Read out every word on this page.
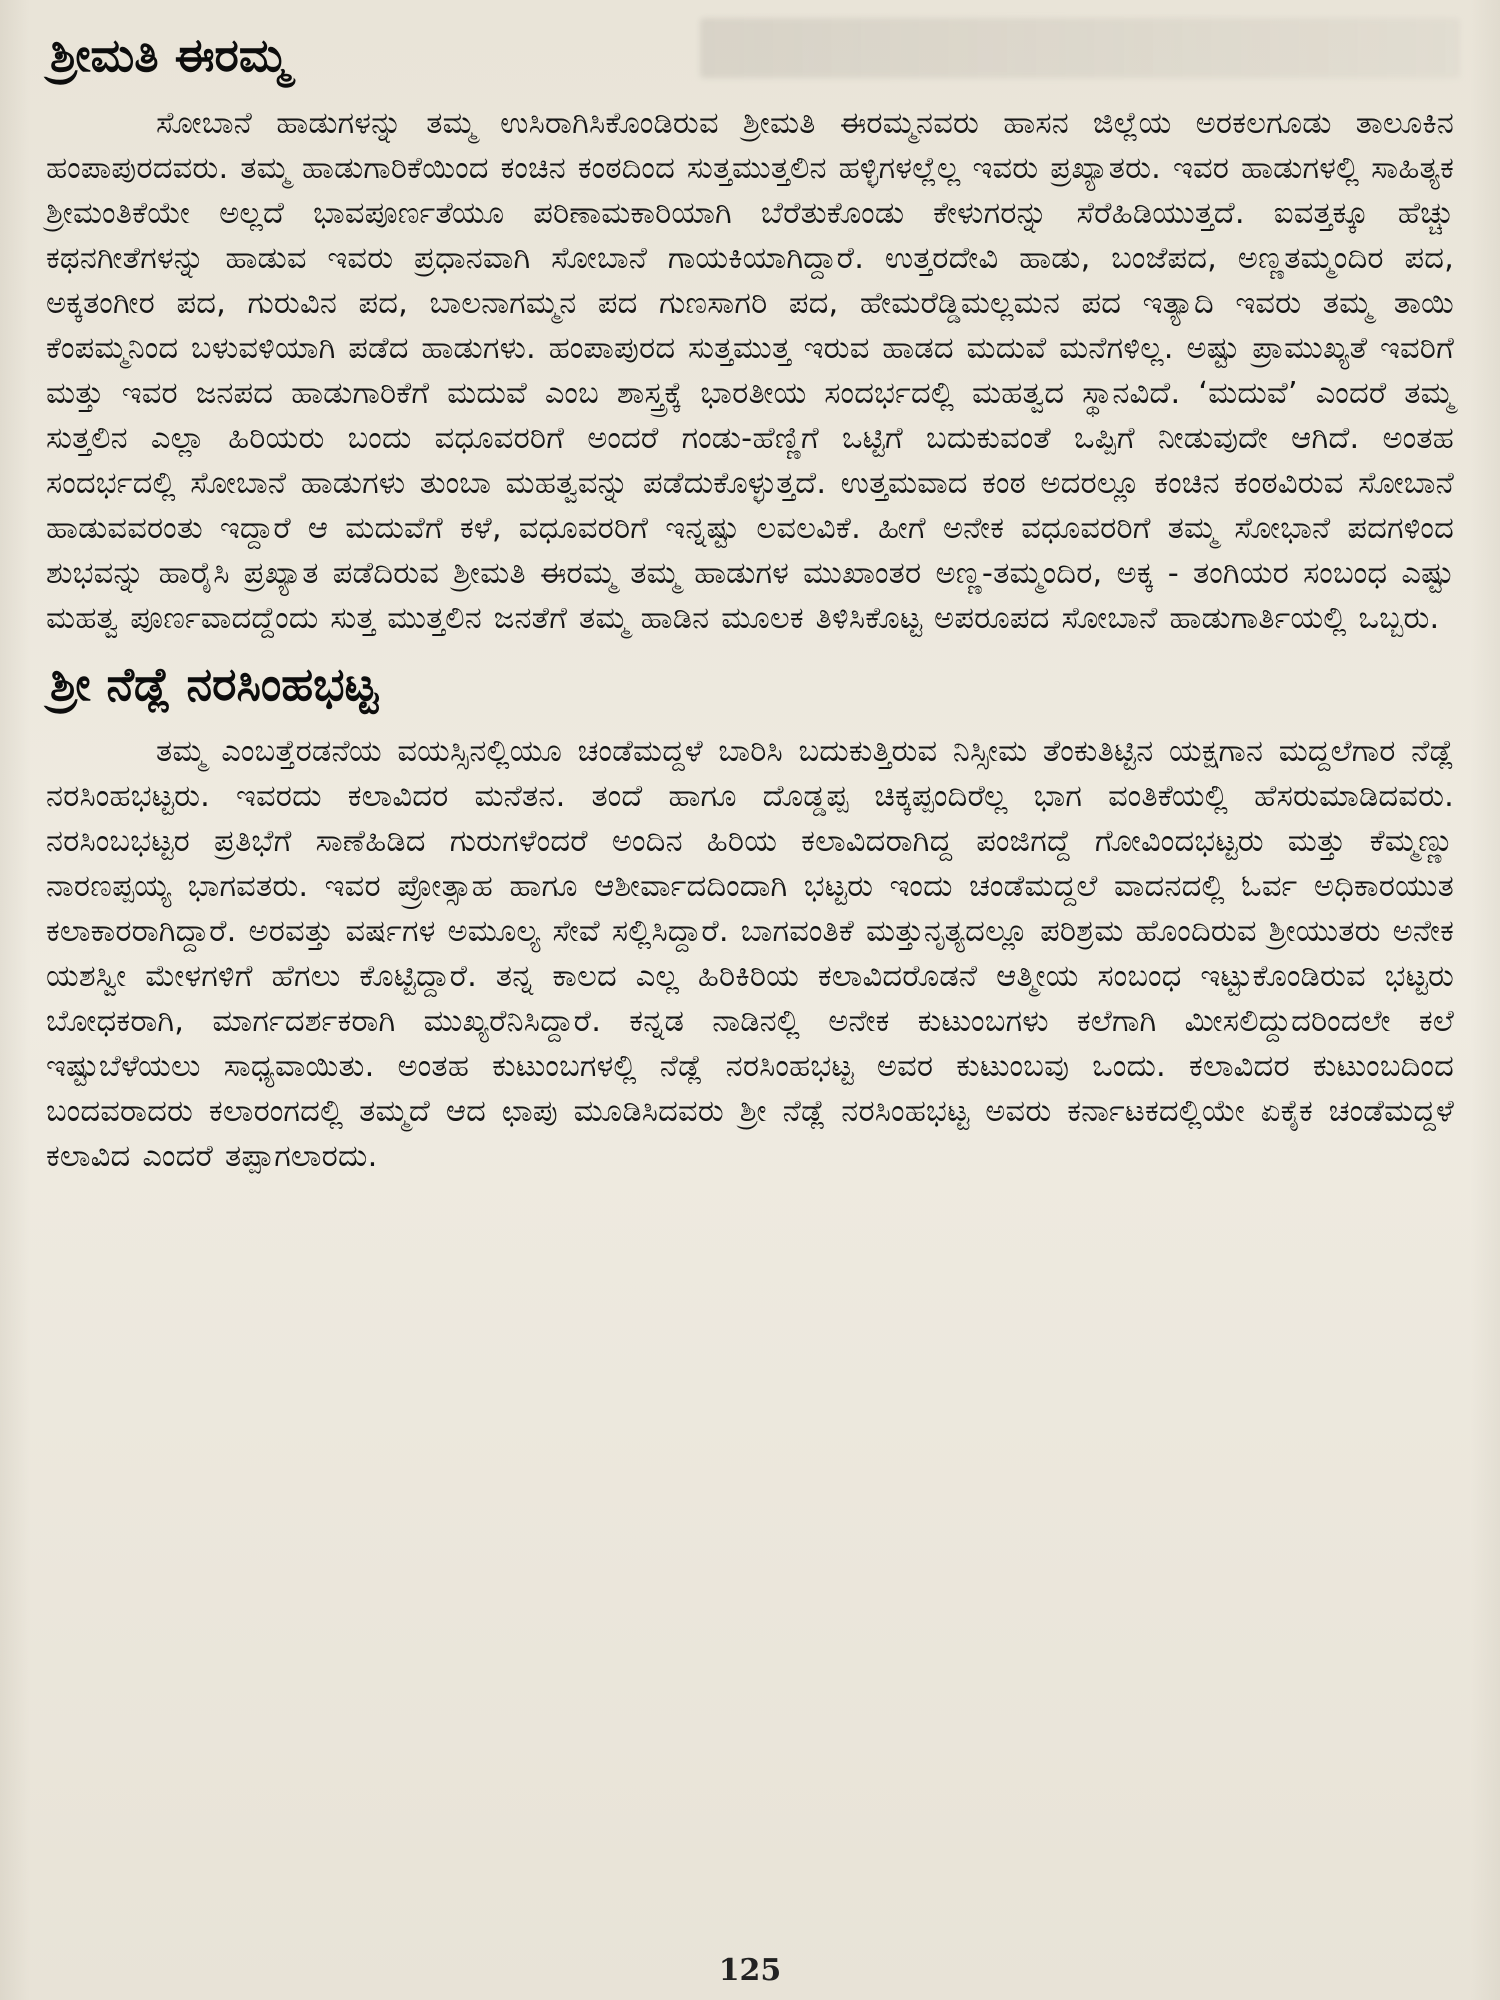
ಶ್ರೀಮತಿ ಈರಮ್ಮ

ಸೋಬಾನೆ ಹಾಡುಗಳನ್ನು ತಮ್ಮ ಉಸಿರಾಗಿಸಿಕೊಂಡಿರುವ ಶ್ರೀಮತಿ ಈರಮ್ಮನವರು ಹಾಸನ ಜಿಲ್ಲೆಯ ಅರಕಲಗೂಡು ತಾಲೂಕಿನ ಹಂಪಾಪುರದವರು. ತಮ್ಮ ಹಾಡುಗಾರಿಕೆಯಿಂದ ಕಂಚಿನ ಕಂಠದಿಂದ ಸುತ್ತಮುತ್ತಲಿನ ಹಳ್ಳಿಗಳಲ್ಲೆಲ್ಲ ಇವರು ಪ್ರಖ್ಯಾತರು. ಇವರ ಹಾಡುಗಳಲ್ಲಿ ಸಾಹಿತ್ಯಕ ಶ್ರೀಮಂತಿಕೆಯೇ ಅಲ್ಲದೆ ಭಾವಪೂರ್ಣತೆಯೂ ಪರಿಣಾಮಕಾರಿಯಾಗಿ ಬೆರೆತುಕೊಂಡು ಕೇಳುಗರನ್ನು ಸೆರೆಹಿಡಿಯುತ್ತದೆ. ಐವತ್ತಕ್ಕೂ ಹೆಚ್ಚು ಕಥನಗೀತೆಗಳನ್ನು ಹಾಡುವ ಇವರು ಪ್ರಧಾನವಾಗಿ ಸೋಬಾನೆ ಗಾಯಕಿಯಾಗಿದ್ದಾರೆ. ಉತ್ತರದೇವಿ ಹಾಡು, ಬಂಜೆಪದ, ಅಣ್ಣತಮ್ಮಂದಿರ ಪದ, ಅಕ್ಕತಂಗೀರ ಪದ, ಗುರುವಿನ ಪದ, ಬಾಲನಾಗಮ್ಮನ ಪದ ಗುಣಸಾಗರಿ ಪದ, ಹೇಮರೆಡ್ಡಿಮಲ್ಲಮನ ಪದ ಇತ್ಯಾದಿ ಇವರು ತಮ್ಮ ತಾಯಿ ಕೆಂಪಮ್ಮನಿಂದ ಬಳುವಳಿಯಾಗಿ ಪಡೆದ ಹಾಡುಗಳು. ಹಂಪಾಪುರದ ಸುತ್ತಮುತ್ತ ಇರುವ ಹಾಡದ ಮದುವೆ ಮನೆಗಳಿಲ್ಲ. ಅಷ್ಟು ಪ್ರಾಮುಖ್ಯತೆ ಇವರಿಗೆ ಮತ್ತು ಇವರ ಜನಪದ ಹಾಡುಗಾರಿಕೆಗೆ ಮದುವೆ ಎಂಬ ಶಾಸ್ತ್ರಕ್ಕೆ ಭಾರತೀಯ ಸಂದರ್ಭದಲ್ಲಿ ಮಹತ್ವದ ಸ್ಥಾನವಿದೆ. ‘ಮದುವೆ’ ಎಂದರೆ ತಮ್ಮ ಸುತ್ತಲಿನ ಎಲ್ಲಾ ಹಿರಿಯರು ಬಂದು ವಧೂವರರಿಗೆ ಅಂದರೆ ಗಂಡು-ಹೆಣ್ಣಿಗೆ ಒಟ್ಟಿಗೆ ಬದುಕುವಂತೆ ಒಪ್ಪಿಗೆ ನೀಡುವುದೇ ಆಗಿದೆ. ಅಂತಹ ಸಂದರ್ಭದಲ್ಲಿ ಸೋಬಾನೆ ಹಾಡುಗಳು ತುಂಬಾ ಮಹತ್ವವನ್ನು ಪಡೆದುಕೊಳ್ಳುತ್ತದೆ. ಉತ್ತಮವಾದ ಕಂಠ ಅದರಲ್ಲೂ ಕಂಚಿನ ಕಂಠವಿರುವ ಸೋಬಾನೆ ಹಾಡುವವರಂತು ಇದ್ದಾರೆ ಆ ಮದುವೆಗೆ ಕಳೆ, ವಧೂವರರಿಗೆ ಇನ್ನಷ್ಟು ಲವಲವಿಕೆ. ಹೀಗೆ ಅನೇಕ ವಧೂವರರಿಗೆ ತಮ್ಮ ಸೋಭಾನೆ ಪದಗಳಿಂದ ಶುಭವನ್ನು ಹಾರೈಸಿ ಪ್ರಖ್ಯಾತ ಪಡೆದಿರುವ ಶ್ರೀಮತಿ ಈರಮ್ಮ ತಮ್ಮ ಹಾಡುಗಳ ಮುಖಾಂತರ ಅಣ್ಣ-ತಮ್ಮಂದಿರ, ಅಕ್ಕ - ತಂಗಿಯರ ಸಂಬಂಧ ಎಷ್ಟು ಮಹತ್ವ ಪೂರ್ಣವಾದದ್ದೆಂದು ಸುತ್ತ ಮುತ್ತಲಿನ ಜನತೆಗೆ ತಮ್ಮ ಹಾಡಿನ ಮೂಲಕ ತಿಳಿಸಿಕೊಟ್ಟ ಅಪರೂಪದ ಸೋಬಾನೆ ಹಾಡುಗಾರ್ತಿಯಲ್ಲಿ ಒಬ್ಬರು.

ಶ್ರೀ ನೆಡ್ಲೆ ನರಸಿಂಹಭಟ್ಟ

ತಮ್ಮ ಎಂಬತ್ತೆರಡನೆಯ ವಯಸ್ಸಿನಲ್ಲಿಯೂ ಚಂಡೆಮದ್ದಳೆ ಬಾರಿಸಿ ಬದುಕುತ್ತಿರುವ ನಿಸ್ಸೀಮ ತೆಂಕುತಿಟ್ಟಿನ ಯಕ್ಷಗಾನ ಮದ್ದಲೆಗಾರ ನೆಡ್ಲೆ ನರಸಿಂಹಭಟ್ಟರು. ಇವರದು ಕಲಾವಿದರ ಮನೆತನ. ತಂದೆ ಹಾಗೂ ದೊಡ್ಡಪ್ಪ ಚಿಕ್ಕಪ್ಪಂದಿರೆಲ್ಲ ಭಾಗ ವಂತಿಕೆಯಲ್ಲಿ ಹೆಸರುಮಾಡಿದವರು. ನರಸಿಂಬಭಟ್ಟರ ಪ್ರತಿಭೆಗೆ ಸಾಣೆಹಿಡಿದ ಗುರುಗಳೆಂದರೆ ಅಂದಿನ ಹಿರಿಯ ಕಲಾವಿದರಾಗಿದ್ದ ಪಂಜಿಗದ್ದೆ ಗೋವಿಂದಭಟ್ಟರು ಮತ್ತು ಕೆಮ್ಮಣ್ಣು ನಾರಣಪ್ಪಯ್ಯ ಭಾಗವತರು. ಇವರ ಪ್ರೋತ್ಸಾಹ ಹಾಗೂ ಆಶೀರ್ವಾದದಿಂದಾಗಿ ಭಟ್ಟರು ಇಂದು ಚಂಡೆಮದ್ದಲೆ ವಾದನದಲ್ಲಿ ಓರ್ವ ಅಧಿಕಾರಯುತ ಕಲಾಕಾರರಾಗಿದ್ದಾರೆ. ಅರವತ್ತು ವರ್ಷಗಳ ಅಮೂಲ್ಯ ಸೇವೆ ಸಲ್ಲಿಸಿದ್ದಾರೆ. ಬಾಗವಂತಿಕೆ ಮತ್ತುನೃತ್ಯದಲ್ಲೂ ಪರಿಶ್ರಮ ಹೊಂದಿರುವ ಶ್ರೀಯುತರು ಅನೇಕ ಯಶಸ್ವೀ ಮೇಳಗಳಿಗೆ ಹೆಗಲು ಕೊಟ್ಟಿದ್ದಾರೆ. ತನ್ನ ಕಾಲದ ಎಲ್ಲ ಹಿರಿಕಿರಿಯ ಕಲಾವಿದರೊಡನೆ ಆತ್ಮೀಯ ಸಂಬಂಧ ಇಟ್ಟುಕೊಂಡಿರುವ ಭಟ್ಟರು ಬೋಧಕರಾಗಿ, ಮಾರ್ಗದರ್ಶಕರಾಗಿ ಮುಖ್ಯರೆನಿಸಿದ್ದಾರೆ. ಕನ್ನಡ ನಾಡಿನಲ್ಲಿ ಅನೇಕ ಕುಟುಂಬಗಳು ಕಲೆಗಾಗಿ ಮೀಸಲಿದ್ದುದರಿಂದಲೇ ಕಲೆ ಇಷ್ಟುಬೆಳೆಯಲು ಸಾಧ್ಯವಾಯಿತು. ಅಂತಹ ಕುಟುಂಬಗಳಲ್ಲಿ ನೆಡ್ಲೆ ನರಸಿಂಹಭಟ್ಟ ಅವರ ಕುಟುಂಬವು ಒಂದು. ಕಲಾವಿದರ ಕುಟುಂಬದಿಂದ ಬಂದವರಾದರು ಕಲಾರಂಗದಲ್ಲಿ ತಮ್ಮದೆ ಆದ ಛಾಪು ಮೂಡಿಸಿದವರು ಶ್ರೀ ನೆಡ್ಲೆ ನರಸಿಂಹಭಟ್ಟ ಅವರು ಕರ್ನಾಟಕದಲ್ಲಿಯೇ ಏಕೈಕ ಚಂಡೆಮದ್ದಳೆ ಕಲಾವಿದ ಎಂದರೆ ತಪ್ಪಾಗಲಾರದು.

125
